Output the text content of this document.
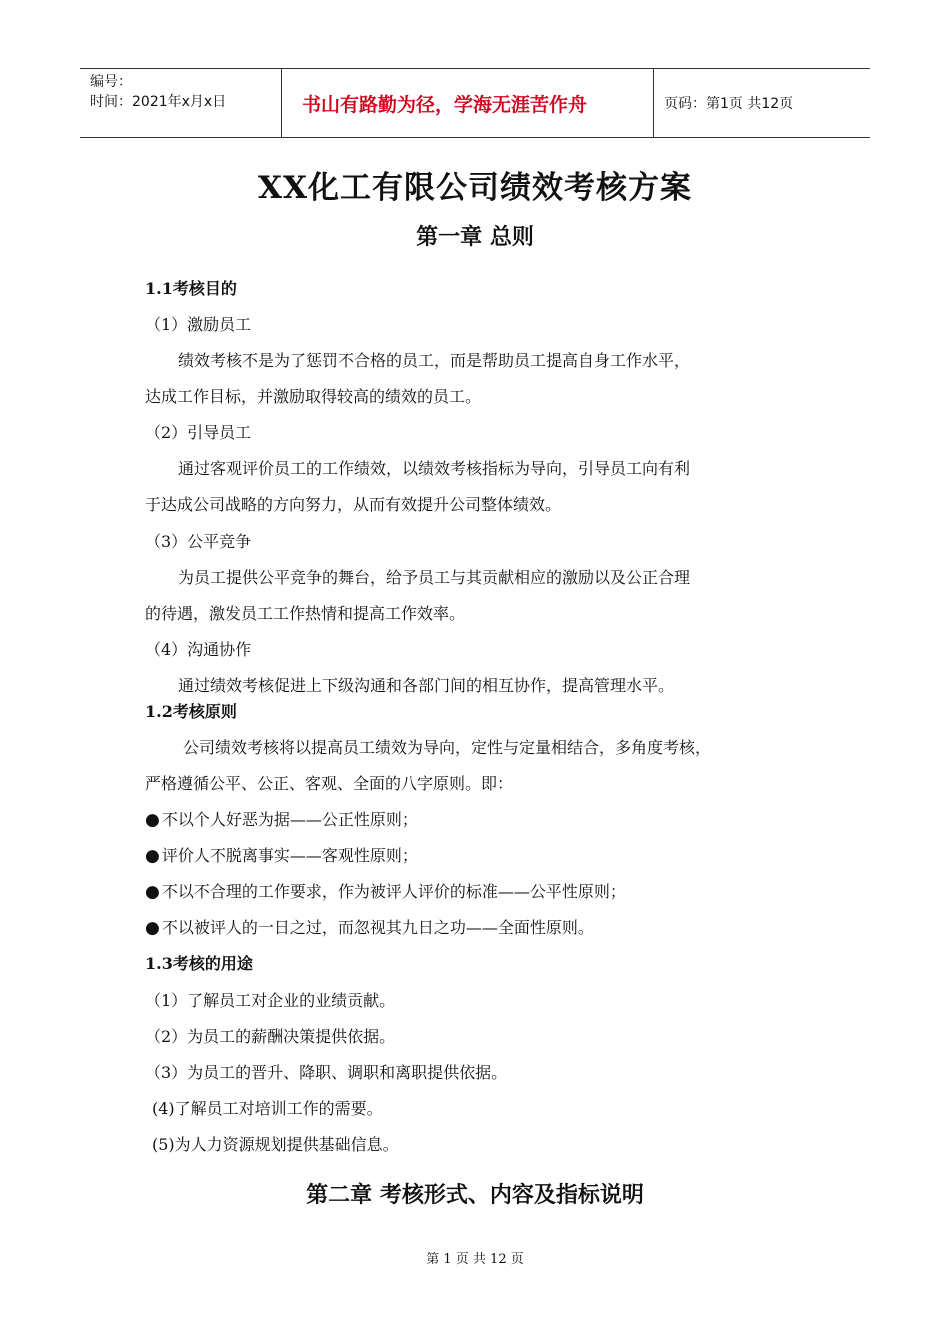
编号：
时间：2021年x月x日	书山有路勤为径，学海无涯苦作舟	页码：第1页 共12页
XX化工有限公司绩效考核方案
第一章 总则
1.1考核目的
（1）激励员工
绩效考核不是为了惩罚不合格的员工，而是帮助员工提高自身工作水平，
达成工作目标，并激励取得较高的绩效的员工。
（2）引导员工
通过客观评价员工的工作绩效，以绩效考核指标为导向，引导员工向有利
于达成公司战略的方向努力，从而有效提升公司整体绩效。
（3）公平竞争
为员工提供公平竞争的舞台，给予员工与其贡献相应的激励以及公正合理
的待遇，激发员工工作热情和提高工作效率。
（4）沟通协作
通过绩效考核促进上下级沟通和各部门间的相互协作，提高管理水平。
1.2考核原则
公司绩效考核将以提高员工绩效为导向，定性与定量相结合，多角度考核，
严格遵循公平、公正、客观、全面的八字原则。即：
● 不以个人好恶为据——公正性原则；
● 评价人不脱离事实——客观性原则；
● 不以不合理的工作要求，作为被评人评价的标准——公平性原则；
● 不以被评人的一日之过，而忽视其九日之功——全面性原则。
1.3考核的用途
（1）了解员工对企业的业绩贡献。
（2）为员工的薪酬决策提供依据。
（3）为员工的晋升、降职、调职和离职提供依据。
(4)了解员工对培训工作的需要。
(5)为人力资源规划提供基础信息。
第二章 考核形式、内容及指标说明
第 1 页 共 12 页
